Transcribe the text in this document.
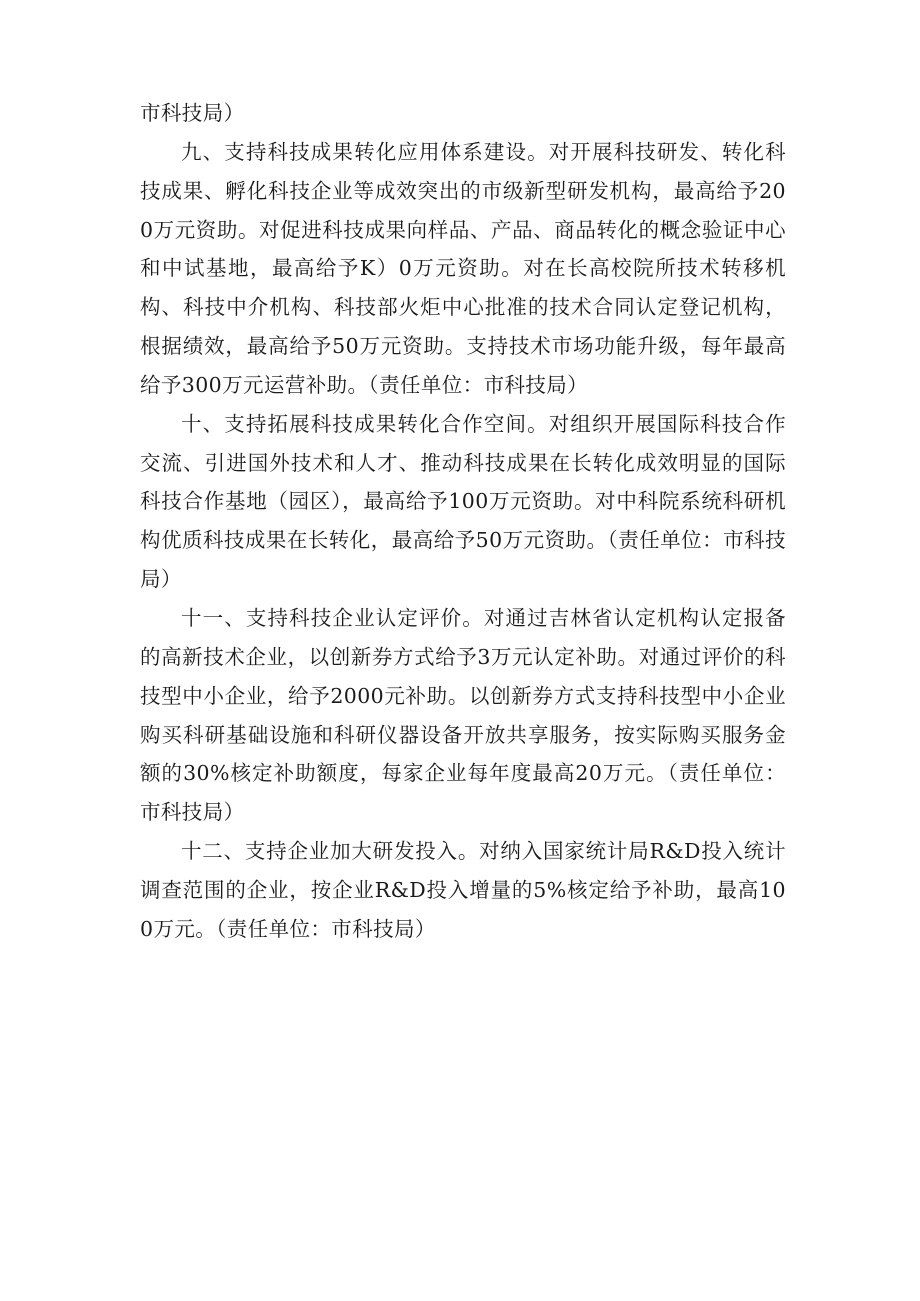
市科技局）

九、支持科技成果转化应用体系建设。对开展科技研发、转化科技成果、孵化科技企业等成效突出的市级新型研发机构，最高给予200万元资助。对促进科技成果向样品、产品、商品转化的概念验证中心和中试基地，最高给予K）0万元资助。对在长高校院所技术转移机构、科技中介机构、科技部火炬中心批准的技术合同认定登记机构，根据绩效，最高给予50万元资助。支持技术市场功能升级，每年最高给予300万元运营补助。（责任单位：市科技局）

十、支持拓展科技成果转化合作空间。对组织开展国际科技合作交流、引进国外技术和人才、推动科技成果在长转化成效明显的国际科技合作基地（园区），最高给予100万元资助。对中科院系统科研机构优质科技成果在长转化，最高给予50万元资助。（责任单位：市科技局）

十一、支持科技企业认定评价。对通过吉林省认定机构认定报备的高新技术企业，以创新券方式给予3万元认定补助。对通过评价的科技型中小企业，给予2000元补助。以创新券方式支持科技型中小企业购买科研基础设施和科研仪器设备开放共享服务，按实际购买服务金额的30%核定补助额度，每家企业每年度最高20万元。（责任单位：市科技局）

十二、支持企业加大研发投入。对纳入国家统计局R&D投入统计调查范围的企业，按企业R&D投入增量的5%核定给予补助，最高100万元。（责任单位：市科技局）
